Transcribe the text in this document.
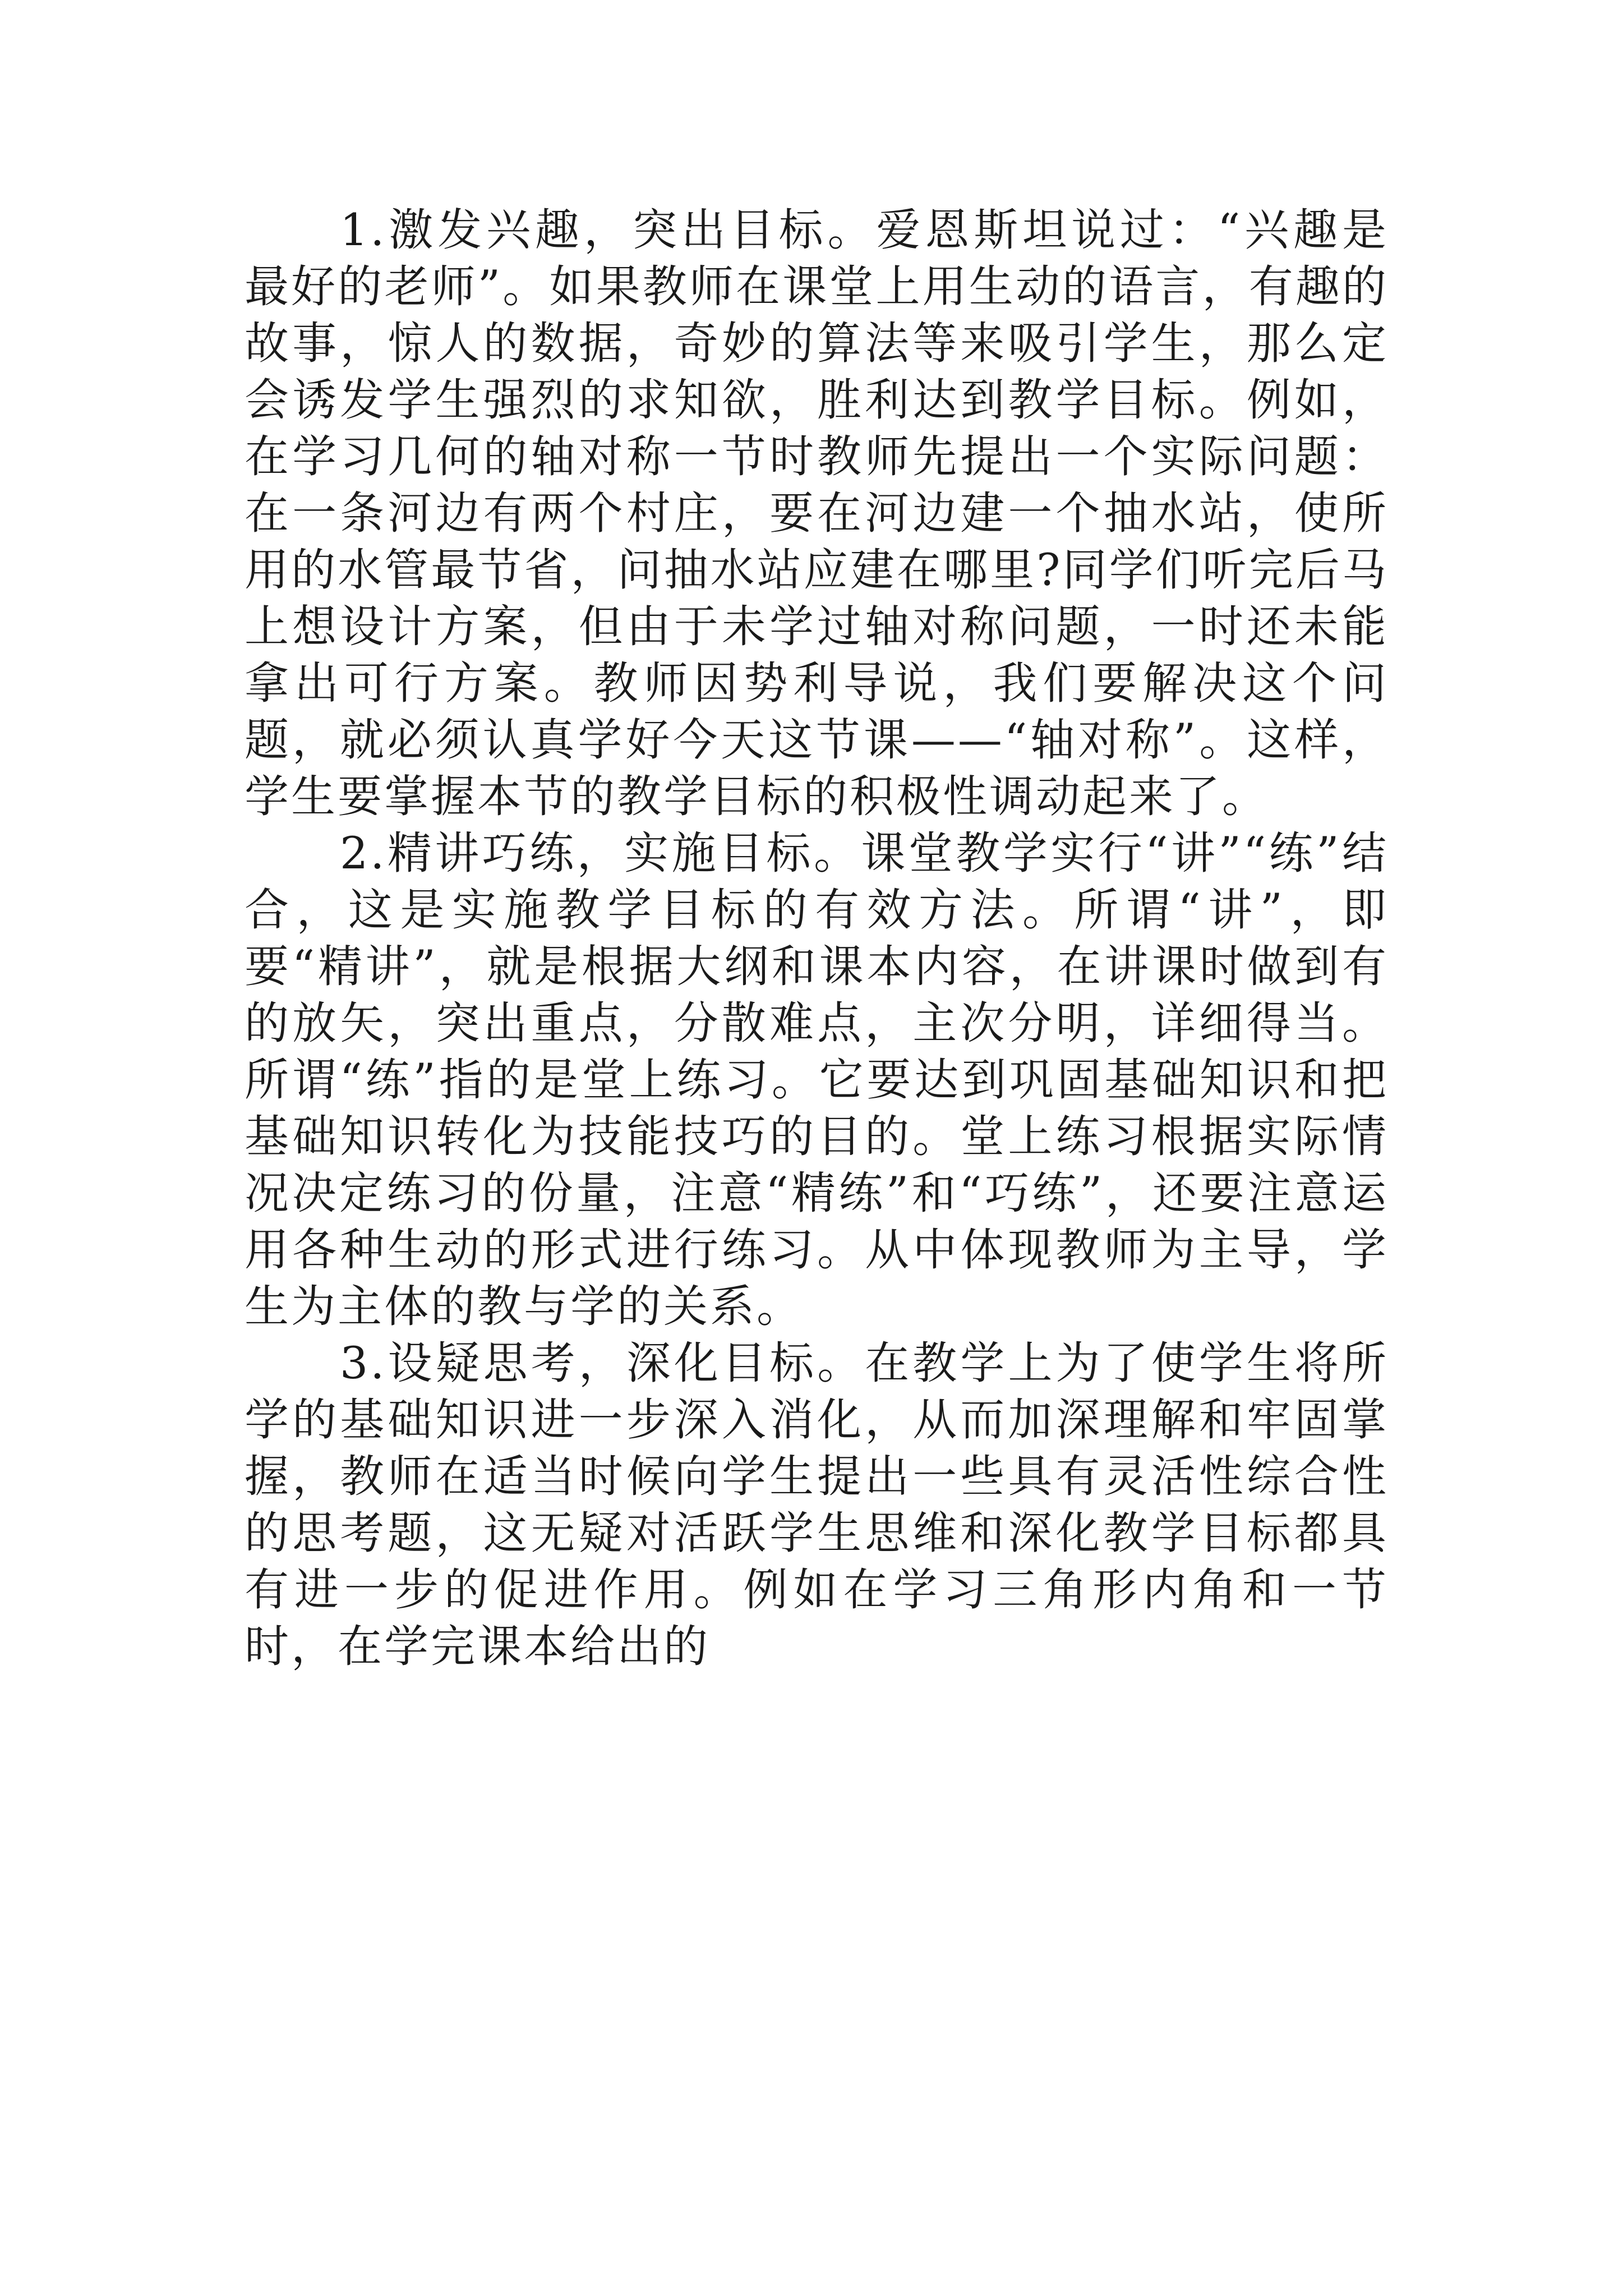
1.激发兴趣，突出目标。爱恩斯坦说过：“兴趣是最好的老师”。如果教师在课堂上用生动的语言，有趣的故事，惊人的数据，奇妙的算法等来吸引学生，那么定会诱发学生强烈的求知欲，胜利达到教学目标。例如，在学习几何的轴对称一节时教师先提出一个实际问题：在一条河边有两个村庄，要在河边建一个抽水站，使所用的水管最节省，问抽水站应建在哪里?同学们听完后马上想设计方案，但由于未学过轴对称问题，一时还未能拿出可行方案。教师因势利导说，我们要解决这个问题，就必须认真学好今天这节课——“轴对称”。这样，学生要掌握本节的教学目标的积极性调动起来了。

2.精讲巧练，实施目标。课堂教学实行“讲”“练”结合，这是实施教学目标的有效方法。所谓“讲”，即要“精讲”，就是根据大纲和课本内容，在讲课时做到有的放矢，突出重点，分散难点，主次分明，详细得当。所谓“练”指的是堂上练习。它要达到巩固基础知识和把基础知识转化为技能技巧的目的。堂上练习根据实际情况决定练习的份量，注意“精练”和“巧练”，还要注意运用各种生动的形式进行练习。从中体现教师为主导，学生为主体的教与学的关系。

3.设疑思考，深化目标。在教学上为了使学生将所学的基础知识进一步深入消化，从而加深理解和牢固掌握，教师在适当时候向学生提出一些具有灵活性综合性的思考题，这无疑对活跃学生思维和深化教学目标都具有进一步的促进作用。例如在学习三角形内角和一节时，在学完课本给出的
